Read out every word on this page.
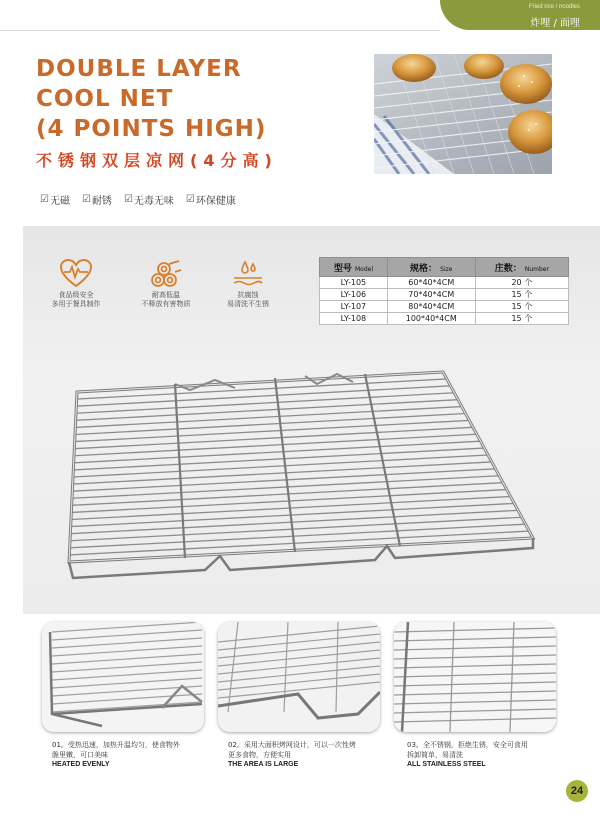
Fried rice / noodles
炸哩 / 面哩
DOUBLE LAYER
COOL NET
(4 POINTS HIGH)
不锈钢双层凉网(4分高)
☑ 无磁 ☑ 耐锈 ☑ 无毒无味 ☑ 环保健康
食品级安全
多用于餐具制作
耐高低温
不释放有害物质
抗腐蚀
易清洗不生锈
型号 Model	规格： Size	庄数： Number
LY-105	60*40*4CM	20 个
LY-106	70*40*4CM	15 个
LY-107	80*40*4CM	15 个
LY-108	100*40*4CM	15 个
01。受热迅速，加热升温均匀，使食物外
脆里嫩，可口美味
HEATED EVENLY
02。采用大面积烤网设计，可以一次性烤
更多食物，方便实用
THE AREA IS LARGE
03。全不锈钢，拒绝生锈，安全可食用
拆卸简单，易清洗
ALL STAINLESS STEEL
24
